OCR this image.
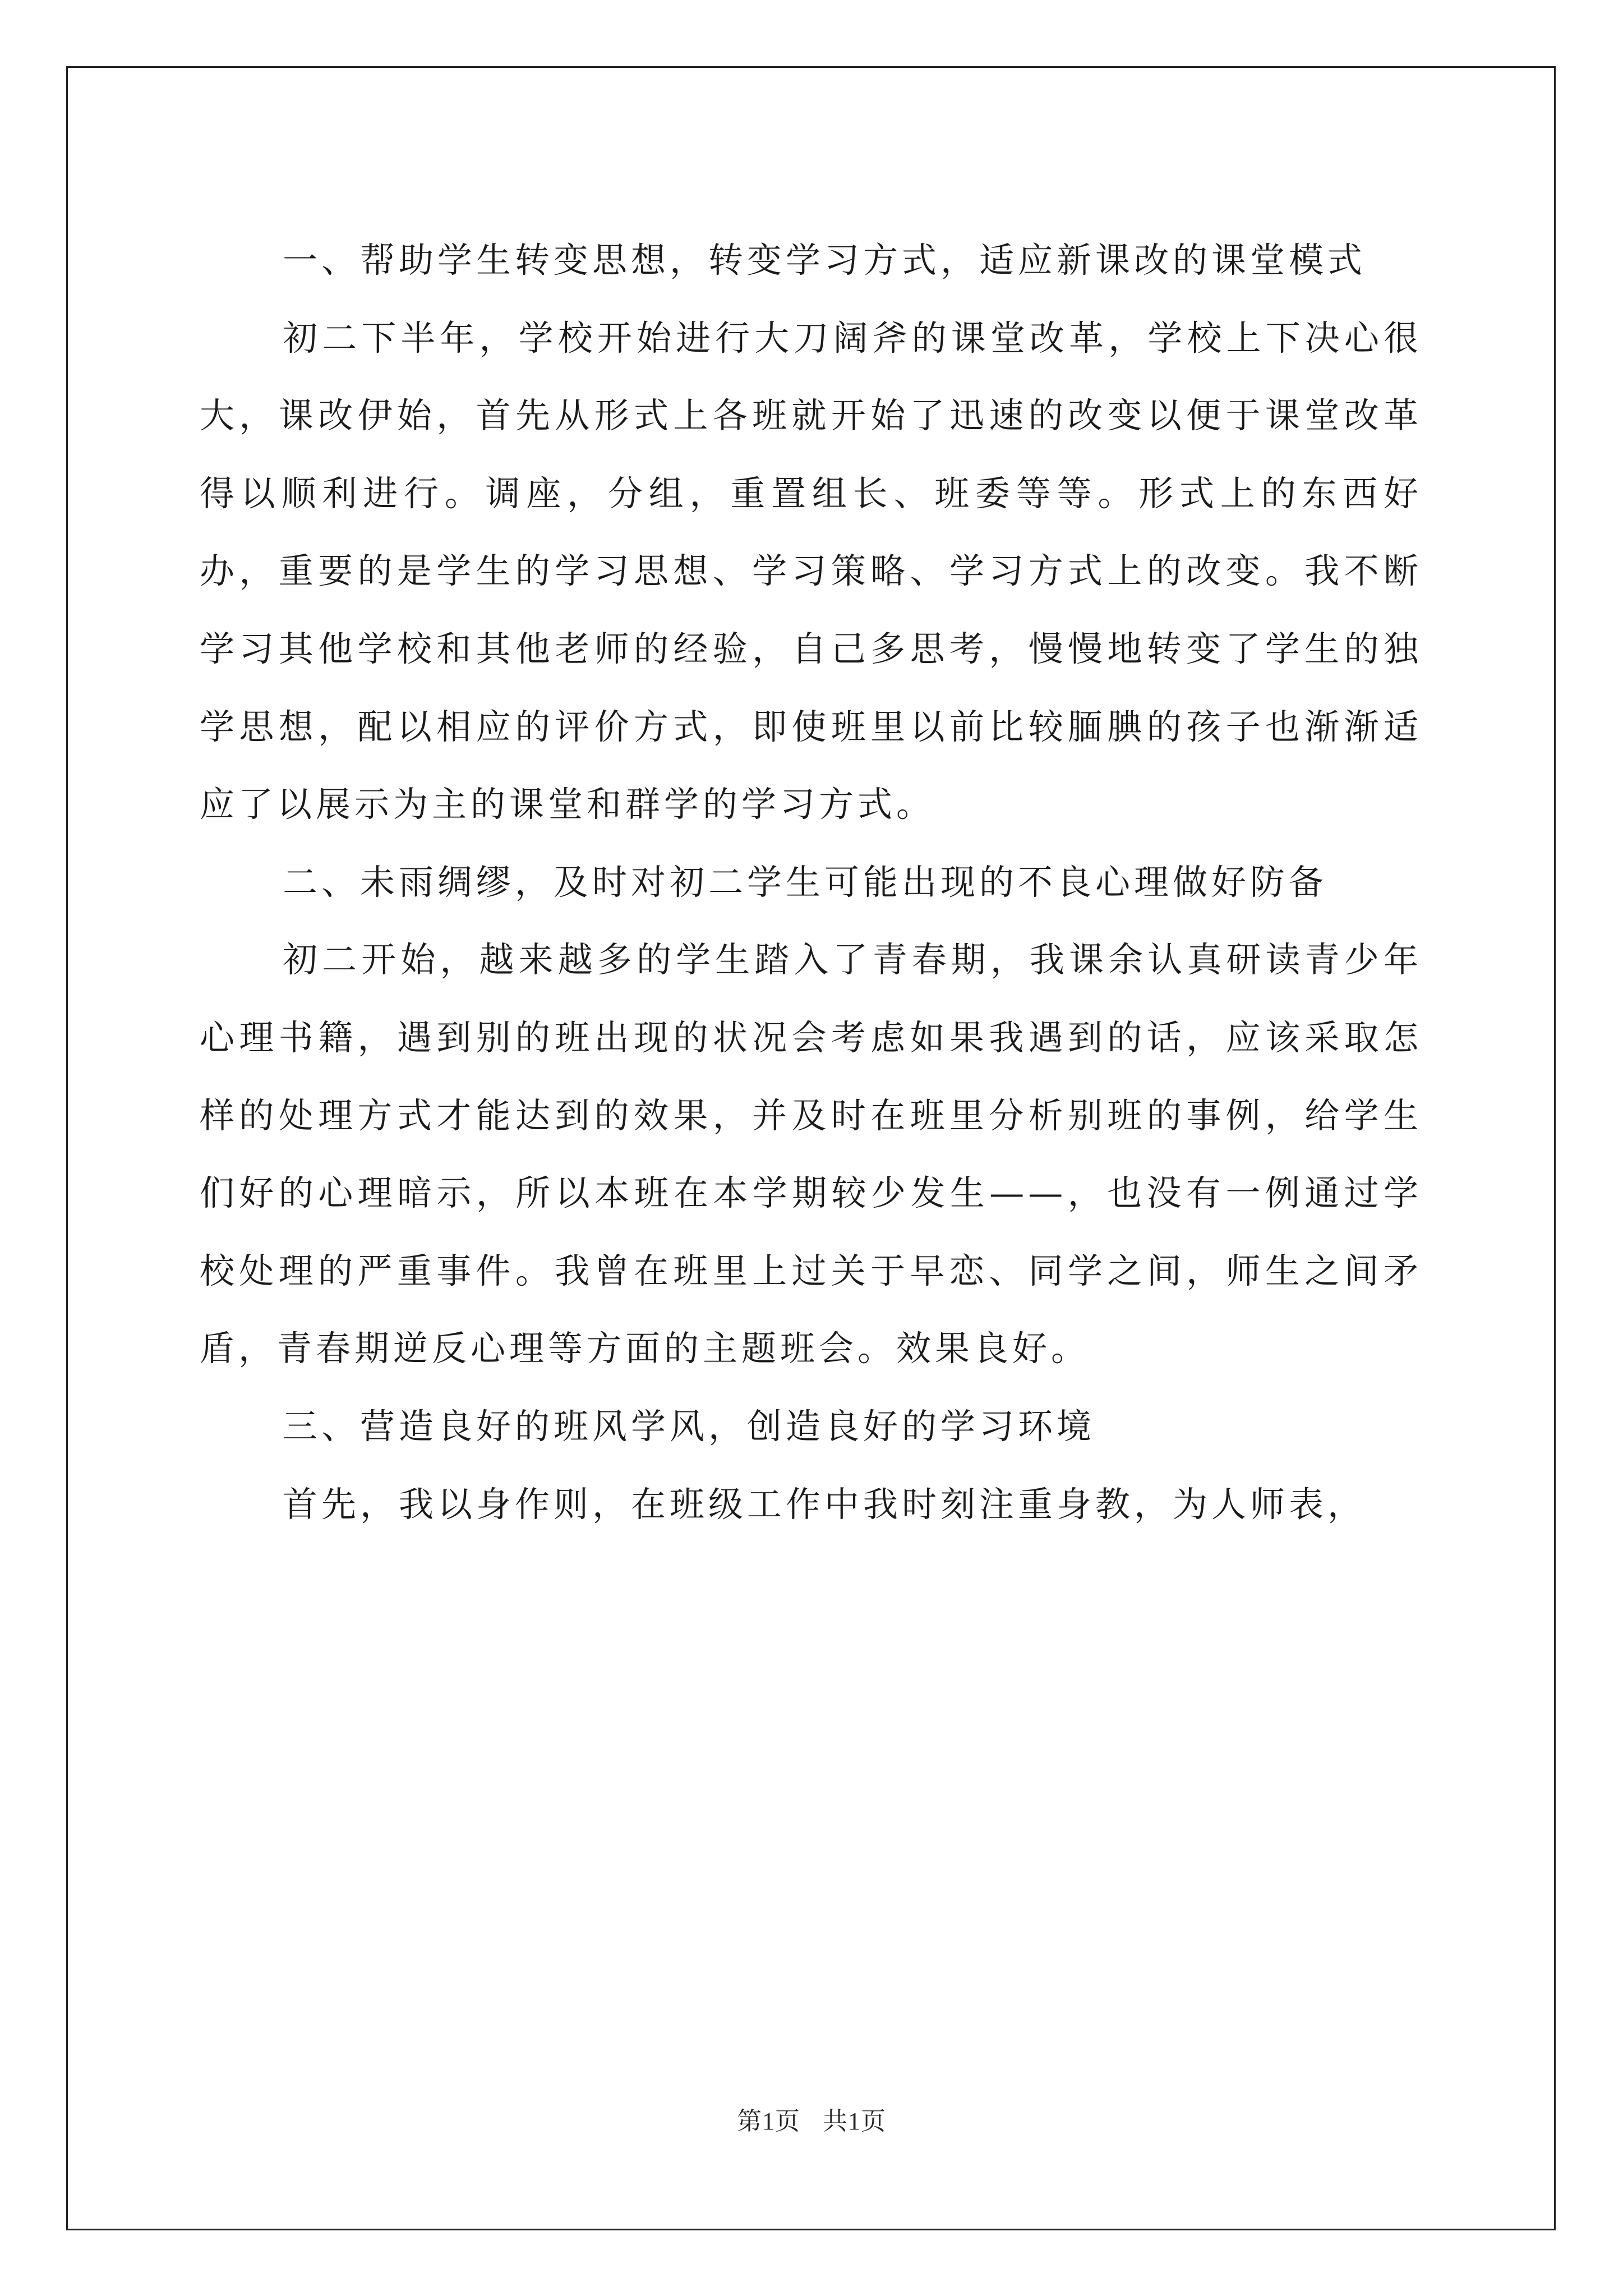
一、帮助学生转变思想，转变学习方式，适应新课改的课堂模式

初二下半年，学校开始进行大刀阔斧的课堂改革，学校上下决心很大，课改伊始，首先从形式上各班就开始了迅速的改变以便于课堂改革得以顺利进行。调座，分组，重置组长、班委等等。形式上的东西好办，重要的是学生的学习思想、学习策略、学习方式上的改变。我不断学习其他学校和其他老师的经验，自己多思考，慢慢地转变了学生的独学思想，配以相应的评价方式，即使班里以前比较腼腆的孩子也渐渐适应了以展示为主的课堂和群学的学习方式。

二、未雨绸缪，及时对初二学生可能出现的不良心理做好防备

初二开始，越来越多的学生踏入了青春期，我课余认真研读青少年心理书籍，遇到别的班出现的状况会考虑如果我遇到的话，应该采取怎样的处理方式才能达到的效果，并及时在班里分析别班的事例，给学生们好的心理暗示，所以本班在本学期较少发生——，也没有一例通过学校处理的严重事件。我曾在班里上过关于早恋、同学之间，师生之间矛盾，青春期逆反心理等方面的主题班会。效果良好。

三、营造良好的班风学风，创造良好的学习环境

首先，我以身作则，在班级工作中我时刻注重身教，为人师表，

第1页 共1页
